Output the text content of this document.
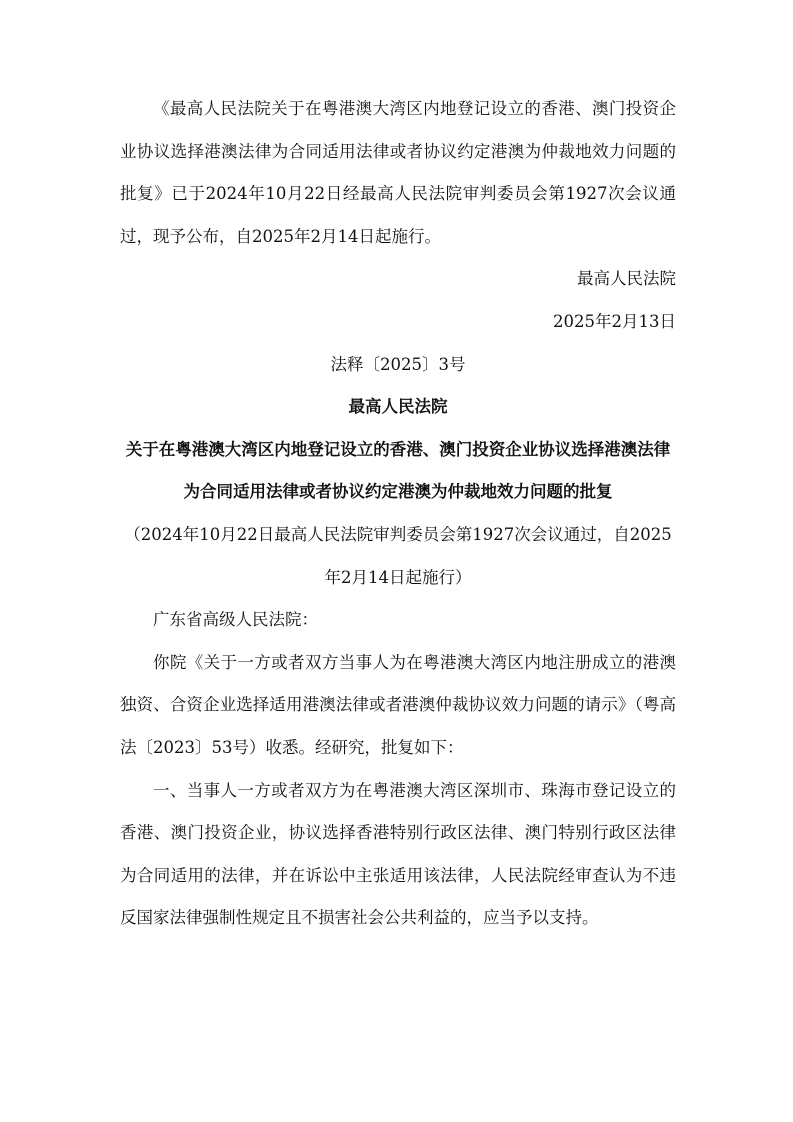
《最高人民法院关于在粤港澳大湾区内地登记设立的香港、澳门投资企业协议选择港澳法律为合同适用法律或者协议约定港澳为仲裁地效力问题的批复》已于2024年10月22日经最高人民法院审判委员会第1927次会议通过，现予公布，自2025年2月14日起施行。

最高人民法院

2025年2月13日

法释〔2025〕3号

最高人民法院

关于在粤港澳大湾区内地登记设立的香港、澳门投资企业协议选择港澳法律为合同适用法律或者协议约定港澳为仲裁地效力问题的批复

（2024年10月22日最高人民法院审判委员会第1927次会议通过，自2025年2月14日起施行）

广东省高级人民法院：

你院《关于一方或者双方当事人为在粤港澳大湾区内地注册成立的港澳独资、合资企业选择适用港澳法律或者港澳仲裁协议效力问题的请示》（粤高法〔2023〕53号）收悉。经研究，批复如下：

一、当事人一方或者双方为在粤港澳大湾区深圳市、珠海市登记设立的香港、澳门投资企业，协议选择香港特别行政区法律、澳门特别行政区法律为合同适用的法律，并在诉讼中主张适用该法律，人民法院经审查认为不违反国家法律强制性规定且不损害社会公共利益的，应当予以支持。
